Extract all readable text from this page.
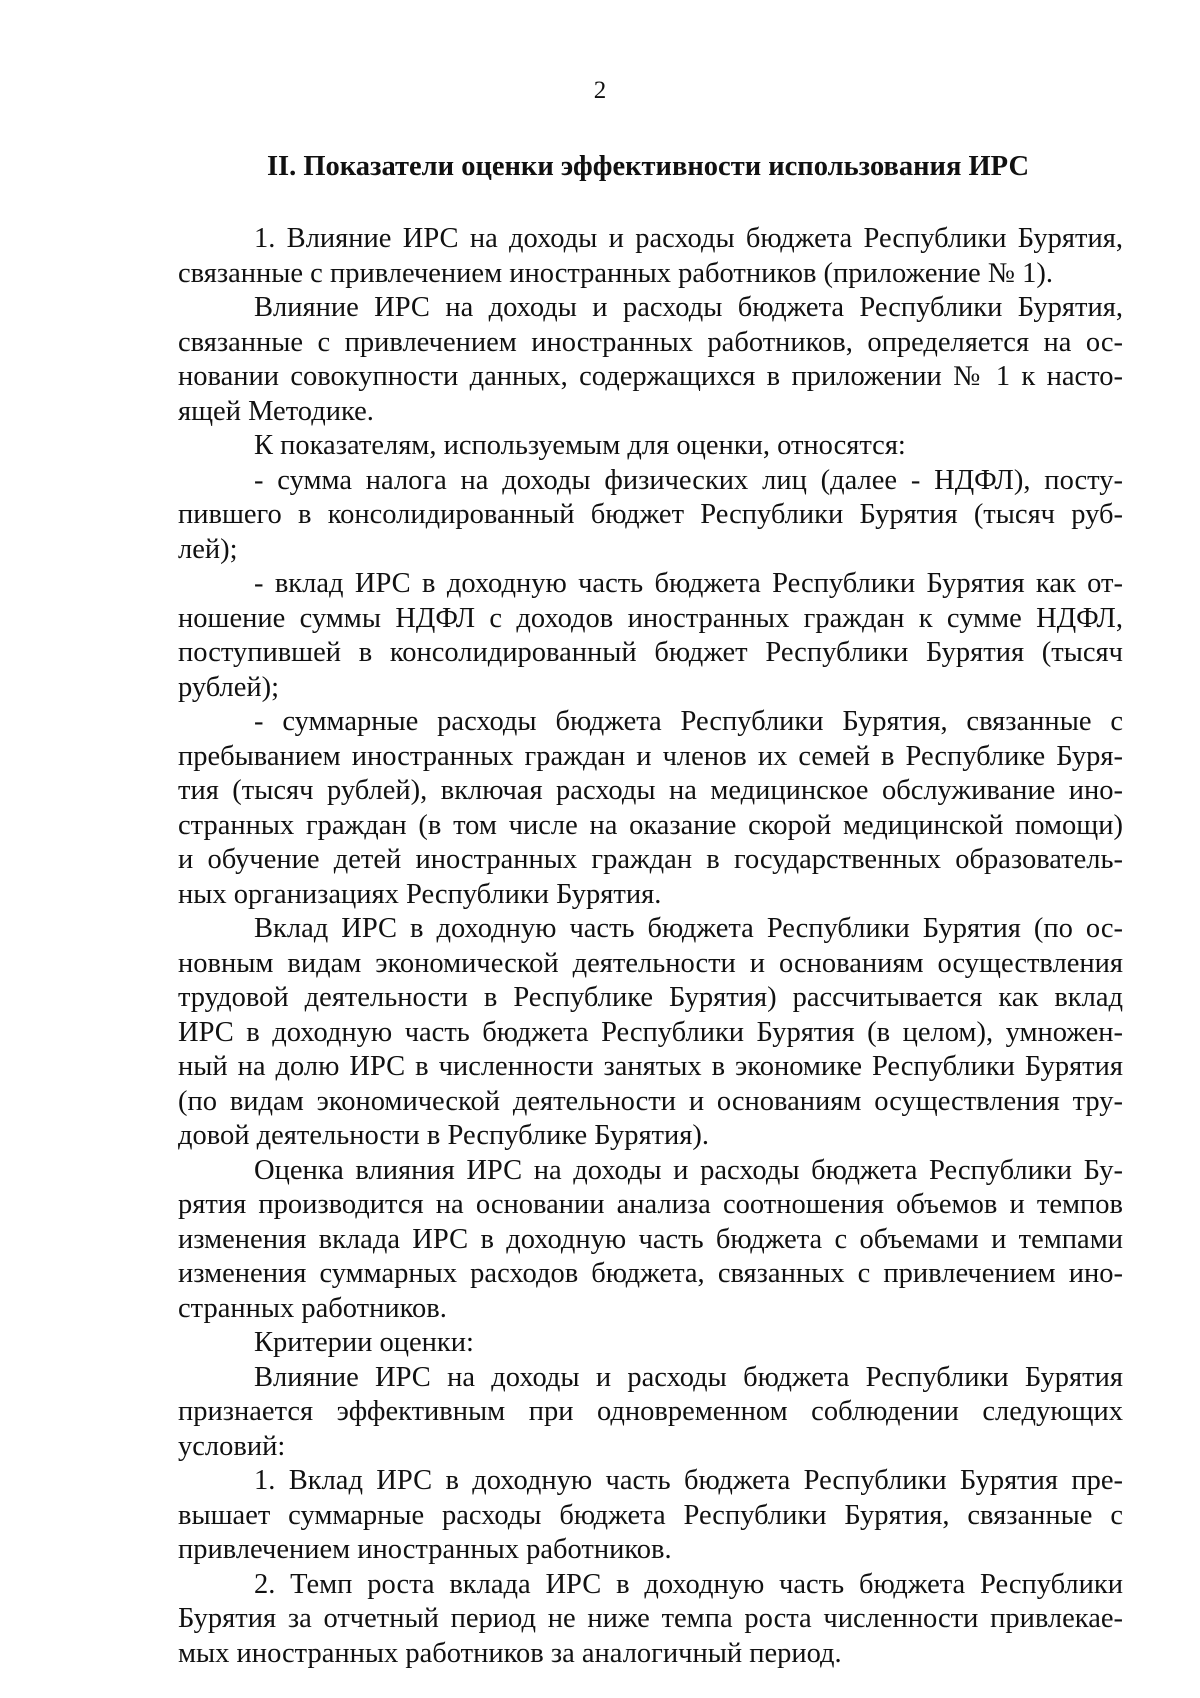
2
II. Показатели оценки эффективности использования ИРС
1. Влияние ИРС на доходы и расходы бюджета Республики Бурятия,
связанные с привлечением иностранных работников (приложение № 1).
Влияние ИРС на доходы и расходы бюджета Республики Бурятия,
связанные с привлечением иностранных работников, определяется на ос-
новании совокупности данных, содержащихся в приложении № 1 к насто-
ящей Методике.
К показателям, используемым для оценки, относятся:
- сумма налога на доходы физических лиц (далее - НДФЛ), посту-
пившего в консолидированный бюджет Республики Бурятия (тысяч руб-
лей);
- вклад ИРС в доходную часть бюджета Республики Бурятия как от-
ношение суммы НДФЛ с доходов иностранных граждан к сумме НДФЛ,
поступившей в консолидированный бюджет Республики Бурятия (тысяч
рублей);
- суммарные расходы бюджета Республики Бурятия, связанные с
пребыванием иностранных граждан и членов их семей в Республике Буря-
тия (тысяч рублей), включая расходы на медицинское обслуживание ино-
странных граждан (в том числе на оказание скорой медицинской помощи)
и обучение детей иностранных граждан в государственных образователь-
ных организациях Республики Бурятия.
Вклад ИРС в доходную часть бюджета Республики Бурятия (по ос-
новным видам экономической деятельности и основаниям осуществления
трудовой деятельности в Республике Бурятия) рассчитывается как вклад
ИРС в доходную часть бюджета Республики Бурятия (в целом), умножен-
ный на долю ИРС в численности занятых в экономике Республики Бурятия
(по видам экономической деятельности и основаниям осуществления тру-
довой деятельности в Республике Бурятия).
Оценка влияния ИРС на доходы и расходы бюджета Республики Бу-
рятия производится на основании анализа соотношения объемов и темпов
изменения вклада ИРС в доходную часть бюджета с объемами и темпами
изменения суммарных расходов бюджета, связанных с привлечением ино-
странных работников.
Критерии оценки:
Влияние ИРС на доходы и расходы бюджета Республики Бурятия
признается эффективным при одновременном соблюдении следующих
условий:
1. Вклад ИРС в доходную часть бюджета Республики Бурятия пре-
вышает суммарные расходы бюджета Республики Бурятия, связанные с
привлечением иностранных работников.
2. Темп роста вклада ИРС в доходную часть бюджета Республики
Бурятия за отчетный период не ниже темпа роста численности привлекае-
мых иностранных работников за аналогичный период.
